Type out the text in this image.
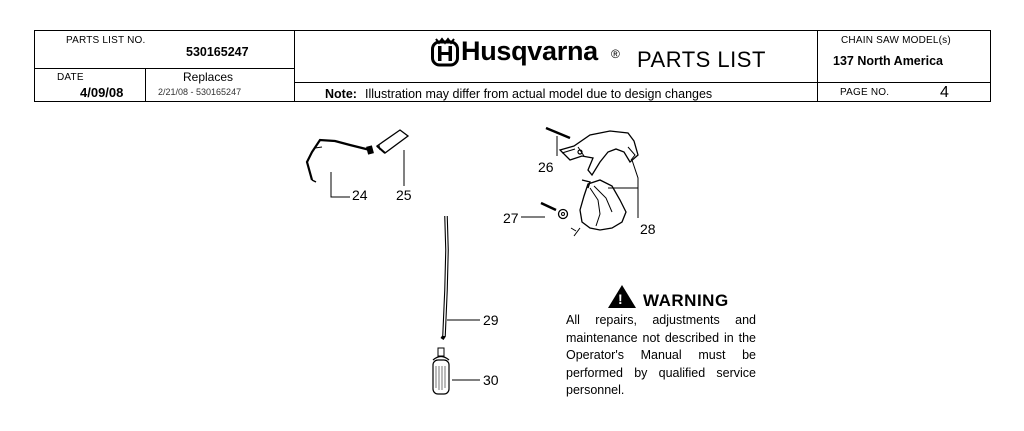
PARTS LIST NO.
530165247
DATE
4/09/08
Replaces
2/21/08 - 530165247
Husqvarna ® PARTS LIST
Note: Illustration may differ from actual model due to design changes
CHAIN SAW MODEL(s)
137 North America
PAGE NO.	4
!
24 25
26
27
28
29
30
WARNING
All repairs, adjustments and maintenance not described in the Operator's Manual must be performed by qualified service personnel.
